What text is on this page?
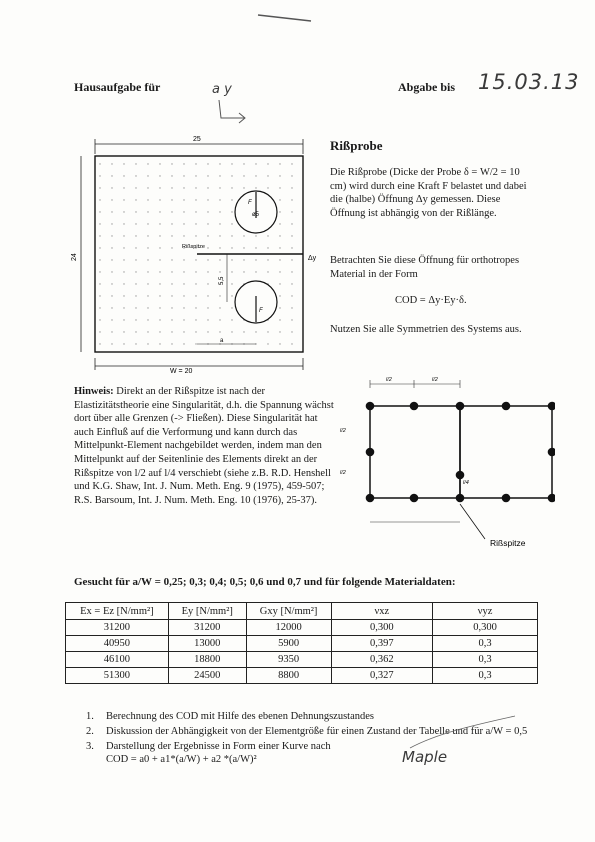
Hausaufgabe für	a y	Abgabe bis 15.03.13
25
24	Δy
Rißspitze
F
ø5
F
5,5
a
W = 20
Rißprobe

Die Rißprobe (Dicke der Probe δ = W/2 = 10 cm) wird durch eine Kraft F belastet und dabei die (halbe) Öffnung Δy gemessen. Diese Öffnung ist abhängig von der Rißlänge.

Betrachten Sie diese Öffnung für orthotropes Material in der Form

COD = Δy·Ey·δ.

Nutzen Sie alle Symmetrien des Systems aus.

Hinweis: Direkt an der Rißspitze ist nach der Elastizitätstheorie eine Singularität, d.h. die Spannung wächst dort über alle Grenzen (-> Fließen). Diese Singularität hat auch Einfluß auf die Verformung und kann durch das Mittelpunkt-Element nachgebildet werden, indem man den Mittelpunkt auf der Seitenlinie des Elements direkt an der Rißspitze von l/2 auf l/4 verschiebt (siehe z.B. R.D. Henshell und K.G. Shaw, Int. J. Num. Meth. Eng. 9 (1975), 459-507; R.S. Barsoum, Int. J. Num. Meth. Eng. 10 (1976), 25-37).

l/2	l/2
l/2
l/2
l/4
Rißspitze
Gesucht für a/W = 0,25; 0,3; 0,4; 0,5; 0,6 und 0,7 und für folgende Materialdaten:
Ex = Ez [N/mm²]	Ey [N/mm²]	Gxy [N/mm²]	νxz	νyz
31200	31200	12000	0,300	0,300
40950	13000	5900	0,397	0,3
46100	18800	9350	0,362	0,3
51300	24500	8800	0,327	0,3
1. Berechnung des COD mit Hilfe des ebenen Dehnungszustandes
2. Diskussion der Abhängigkeit von der Elementgröße für einen Zustand der Tabelle und für a/W = 0,5
3. Darstellung der Ergebnisse in Form einer Kurve nach
COD = a0 + a1*(a/W) + a2 *(a/W)²	Maple
